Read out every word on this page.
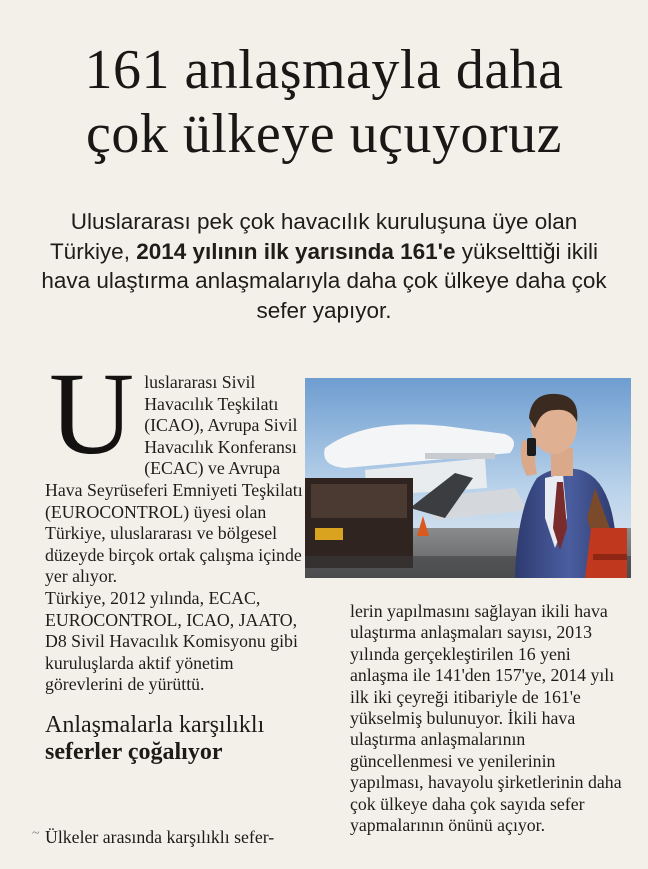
161 anlaşmayla daha
çok ülkeye uçuyoruz
Uluslararası pek çok havacılık kuruluşuna üye olan Türkiye, 2014 yılının ilk yarısında 161'e yükselttiği ikili hava ulaştırma anlaşmalarıyla daha çok ülkeye daha çok sefer yapıyor.

Uluslararası Sivil Havacılık Teşkilatı (ICAO), Avrupa Sivil Havacılık Konferansı (ECAC) ve Avrupa Hava Seyrüseferi Emniyeti Teşkilatı (EUROCONTROL) üyesi olan Türkiye, uluslararası ve bölgesel düzeyde birçok ortak çalışma içinde yer alıyor.

Türkiye, 2012 yılında, ECAC, EUROCONTROL, ICAO, JAATO, D8 Sivil Havacılık Komisyonu gibi kuruluşlarda aktif yönetim görevlerini de yürüttü.

Anlaşmalarla karşılıklı
seferler çoğalıyor
Ülkeler arasında karşılıklı sefer-
lerin yapılmasını sağlayan ikili hava ulaştırma anlaşmaları sayısı, 2013 yılında gerçekleştirilen 16 yeni anlaşma ile 141'den 157'ye, 2014 yılı ilk iki çeyreği itibariyle de 161'e yükselmiş bulunuyor. İkili hava ulaştırma anlaşmalarının güncellenmesi ve yenilerinin yapılması, havayolu şirketlerinin daha çok ülkeye daha çok sayıda sefer yapmalarının önünü açıyor.
~
